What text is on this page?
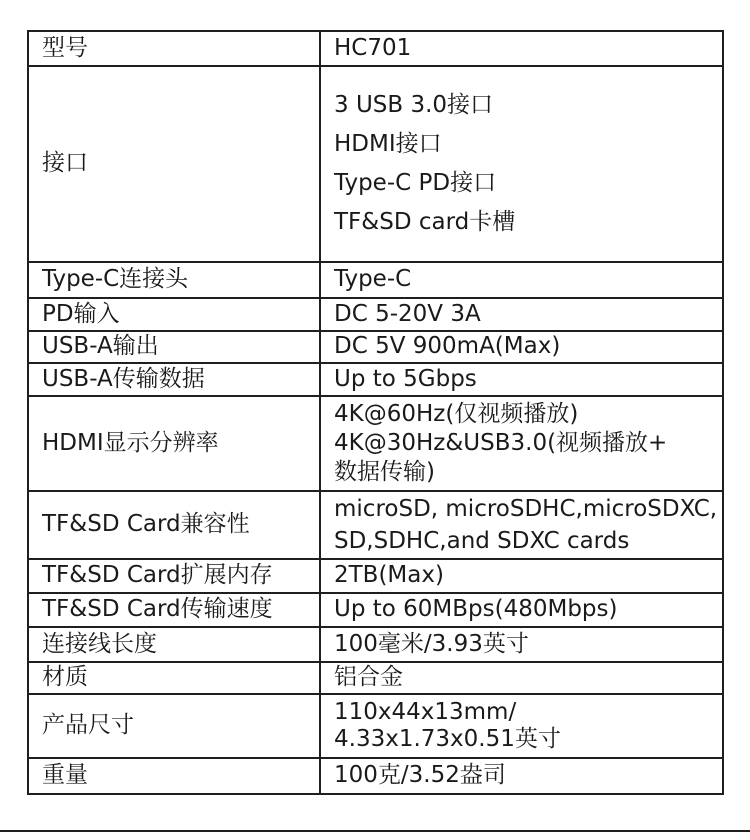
型号	HC701

接口	3 USB 3.0接口
HDMI接口
Type-C PD接口
TF&SD card卡槽

Type-C连接头	Type-C

PD输入	DC 5-20V 3A

USB-A输出	DC 5V 900mA(Max)

USB-A传输数据	Up to 5Gbps

HDMI显示分辨率	4K@60Hz(仅视频播放)
4K@30Hz&USB3.0(视频播放+
数据传输)

TF&SD Card兼容性	microSD, microSDHC,microSDXC,
SD,SDHC,and SDXC cards

TF&SD Card扩展内存	2TB(Max)

TF&SD Card传输速度	Up to 60MBps(480Mbps)

连接线长度	100毫米/3.93英寸

材质	铝合金

产品尺寸	110x44x13mm/
4.33x1.73x0.51英寸

重量	100克/3.52盎司
